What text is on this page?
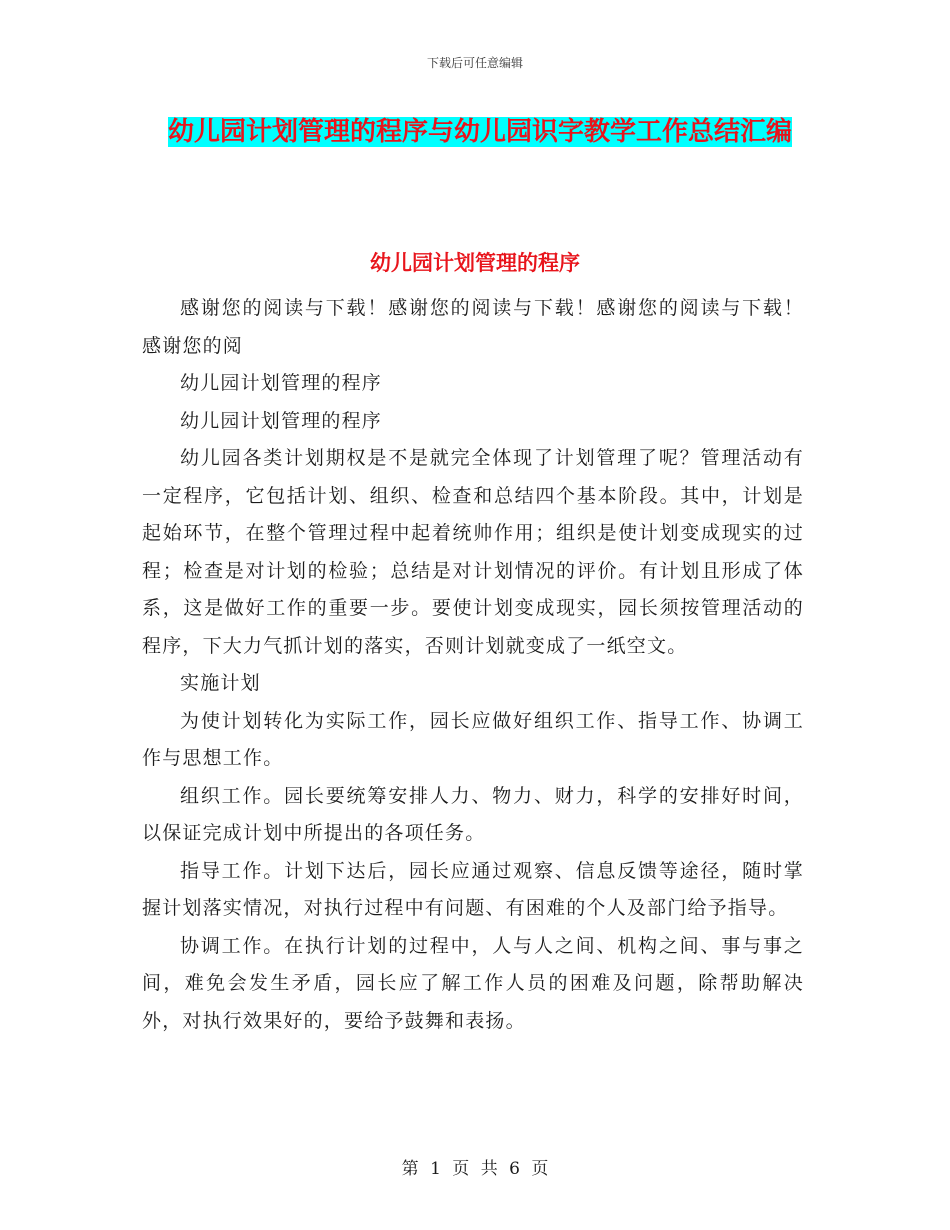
下载后可任意编辑
幼儿园计划管理的程序与幼儿园识字教学工作总结汇编
幼儿园计划管理的程序

感谢您的阅读与下载！感谢您的阅读与下载！感谢您的阅读与下载！感谢您的阅

幼儿园计划管理的程序

幼儿园计划管理的程序

幼儿园各类计划期权是不是就完全体现了计划管理了呢？管理活动有一定程序，它包括计划、组织、检查和总结四个基本阶段。其中，计划是起始环节，在整个管理过程中起着统帅作用；组织是使计划变成现实的过程；检查是对计划的检验；总结是对计划情况的评价。有计划且形成了体系，这是做好工作的重要一步。要使计划变成现实，园长须按管理活动的程序，下大力气抓计划的落实，否则计划就变成了一纸空文。

实施计划

为使计划转化为实际工作，园长应做好组织工作、指导工作、协调工作与思想工作。

组织工作。园长要统筹安排人力、物力、财力，科学的安排好时间，以保证完成计划中所提出的各项任务。

指导工作。计划下达后，园长应通过观察、信息反馈等途径，随时掌握计划落实情况，对执行过程中有问题、有困难的个人及部门给予指导。

协调工作。在执行计划的过程中，人与人之间、机构之间、事与事之间，难免会发生矛盾，园长应了解工作人员的困难及问题，除帮助解决外，对执行效果好的，要给予鼓舞和表扬。

第 1 页 共 6 页
